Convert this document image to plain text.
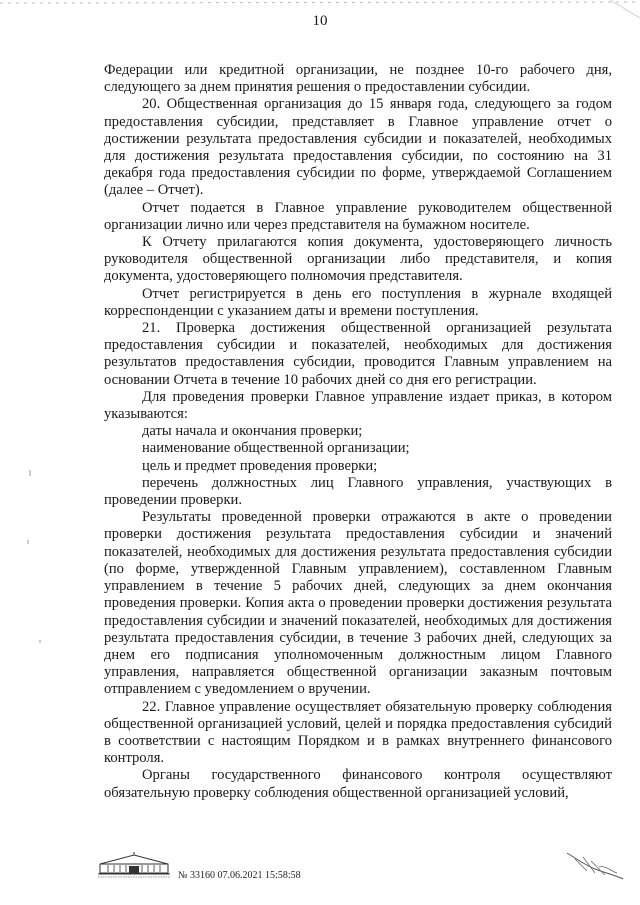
10

Федерации или кредитной организации, не позднее 10-го рабочего дня, следующего за днем принятия решения о предоставлении субсидии.

20. Общественная организация до 15 января года, следующего за годом предоставления субсидии, представляет в Главное управление отчет о достижении результата предоставления субсидии и показателей, необходимых для достижения результата предоставления субсидии, по состоянию на 31 декабря года предоставления субсидии по форме, утверждаемой Соглашением (далее – Отчет).

Отчет подается в Главное управление руководителем общественной организации лично или через представителя на бумажном носителе.

К Отчету прилагаются копия документа, удостоверяющего личность руководителя общественной организации либо представителя, и копия документа, удостоверяющего полномочия представителя.

Отчет регистрируется в день его поступления в журнале входящей корреспонденции с указанием даты и времени поступления.

21. Проверка достижения общественной организацией результата предоставления субсидии и показателей, необходимых для достижения результатов предоставления субсидии, проводится Главным управлением на основании Отчета в течение 10 рабочих дней со дня его регистрации.

Для проведения проверки Главное управление издает приказ, в котором указываются:

даты начала и окончания проверки;

наименование общественной организации;

цель и предмет проведения проверки;

перечень должностных лиц Главного управления, участвующих в проведении проверки.

Результаты проведенной проверки отражаются в акте о проведении проверки достижения результата предоставления субсидии и значений показателей, необходимых для достижения результата предоставления субсидии (по форме, утвержденной Главным управлением), составленном Главным управлением в течение 5 рабочих дней, следующих за днем окончания проведения проверки. Копия акта о проведении проверки достижения результата предоставления субсидии и значений показателей, необходимых для достижения результата предоставления субсидии, в течение 3 рабочих дней, следующих за днем его подписания уполномоченным должностным лицом Главного управления, направляется общественной организации заказным почтовым отправлением с уведомлением о вручении.

22. Главное управление осуществляет обязательную проверку соблюдения общественной организацией условий, целей и порядка предоставления субсидий в соответствии с настоящим Порядком и в рамках внутреннего финансового контроля.

Органы государственного финансового контроля осуществляют обязательную проверку соблюдения общественной организацией условий,

№ 33160 07.06.2021 15:58:58
